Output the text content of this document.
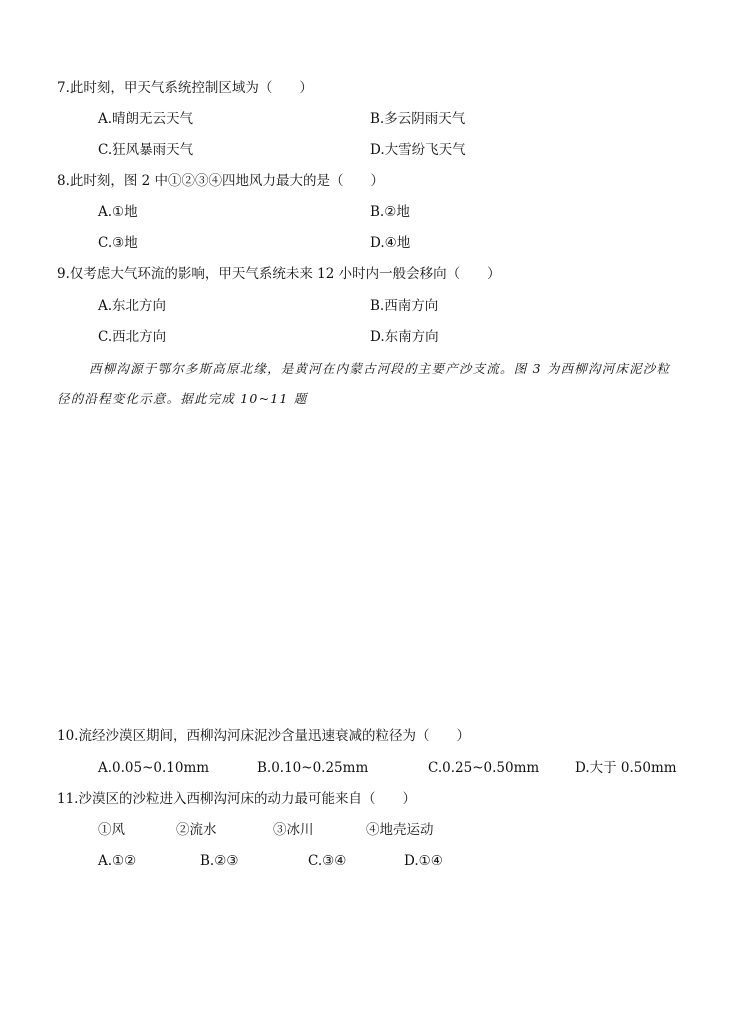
7.此时刻，甲天气系统控制区域为（　　）
A.晴朗无云天气	B.多云阴雨天气
C.狂风暴雨天气	D.大雪纷飞天气
8.此时刻，图 2 中①②③④四地风力最大的是（　　）
A.①地	B.②地
C.③地	D.④地
9.仅考虑大气环流的影响，甲天气系统未来 12 小时内一般会移向（　　）
A.东北方向	B.西南方向
C.西北方向	D.东南方向
西柳沟源于鄂尔多斯高原北缘，是黄河在内蒙古河段的主要产沙支流。图 3 为西柳沟河床泥沙粒径的沿程变化示意。据此完成 10~11 题
10.流经沙漠区期间，西柳沟河床泥沙含量迅速衰减的粒径为（　　）
A.0.05~0.10mm	B.0.10~0.25mm	C.0.25~0.50mm	D.大于 0.50mm
11.沙漠区的沙粒进入西柳沟河床的动力最可能来自（　　）
①风	②流水	③冰川	④地壳运动
A.①②	B.②③	C.③④	D.①④
